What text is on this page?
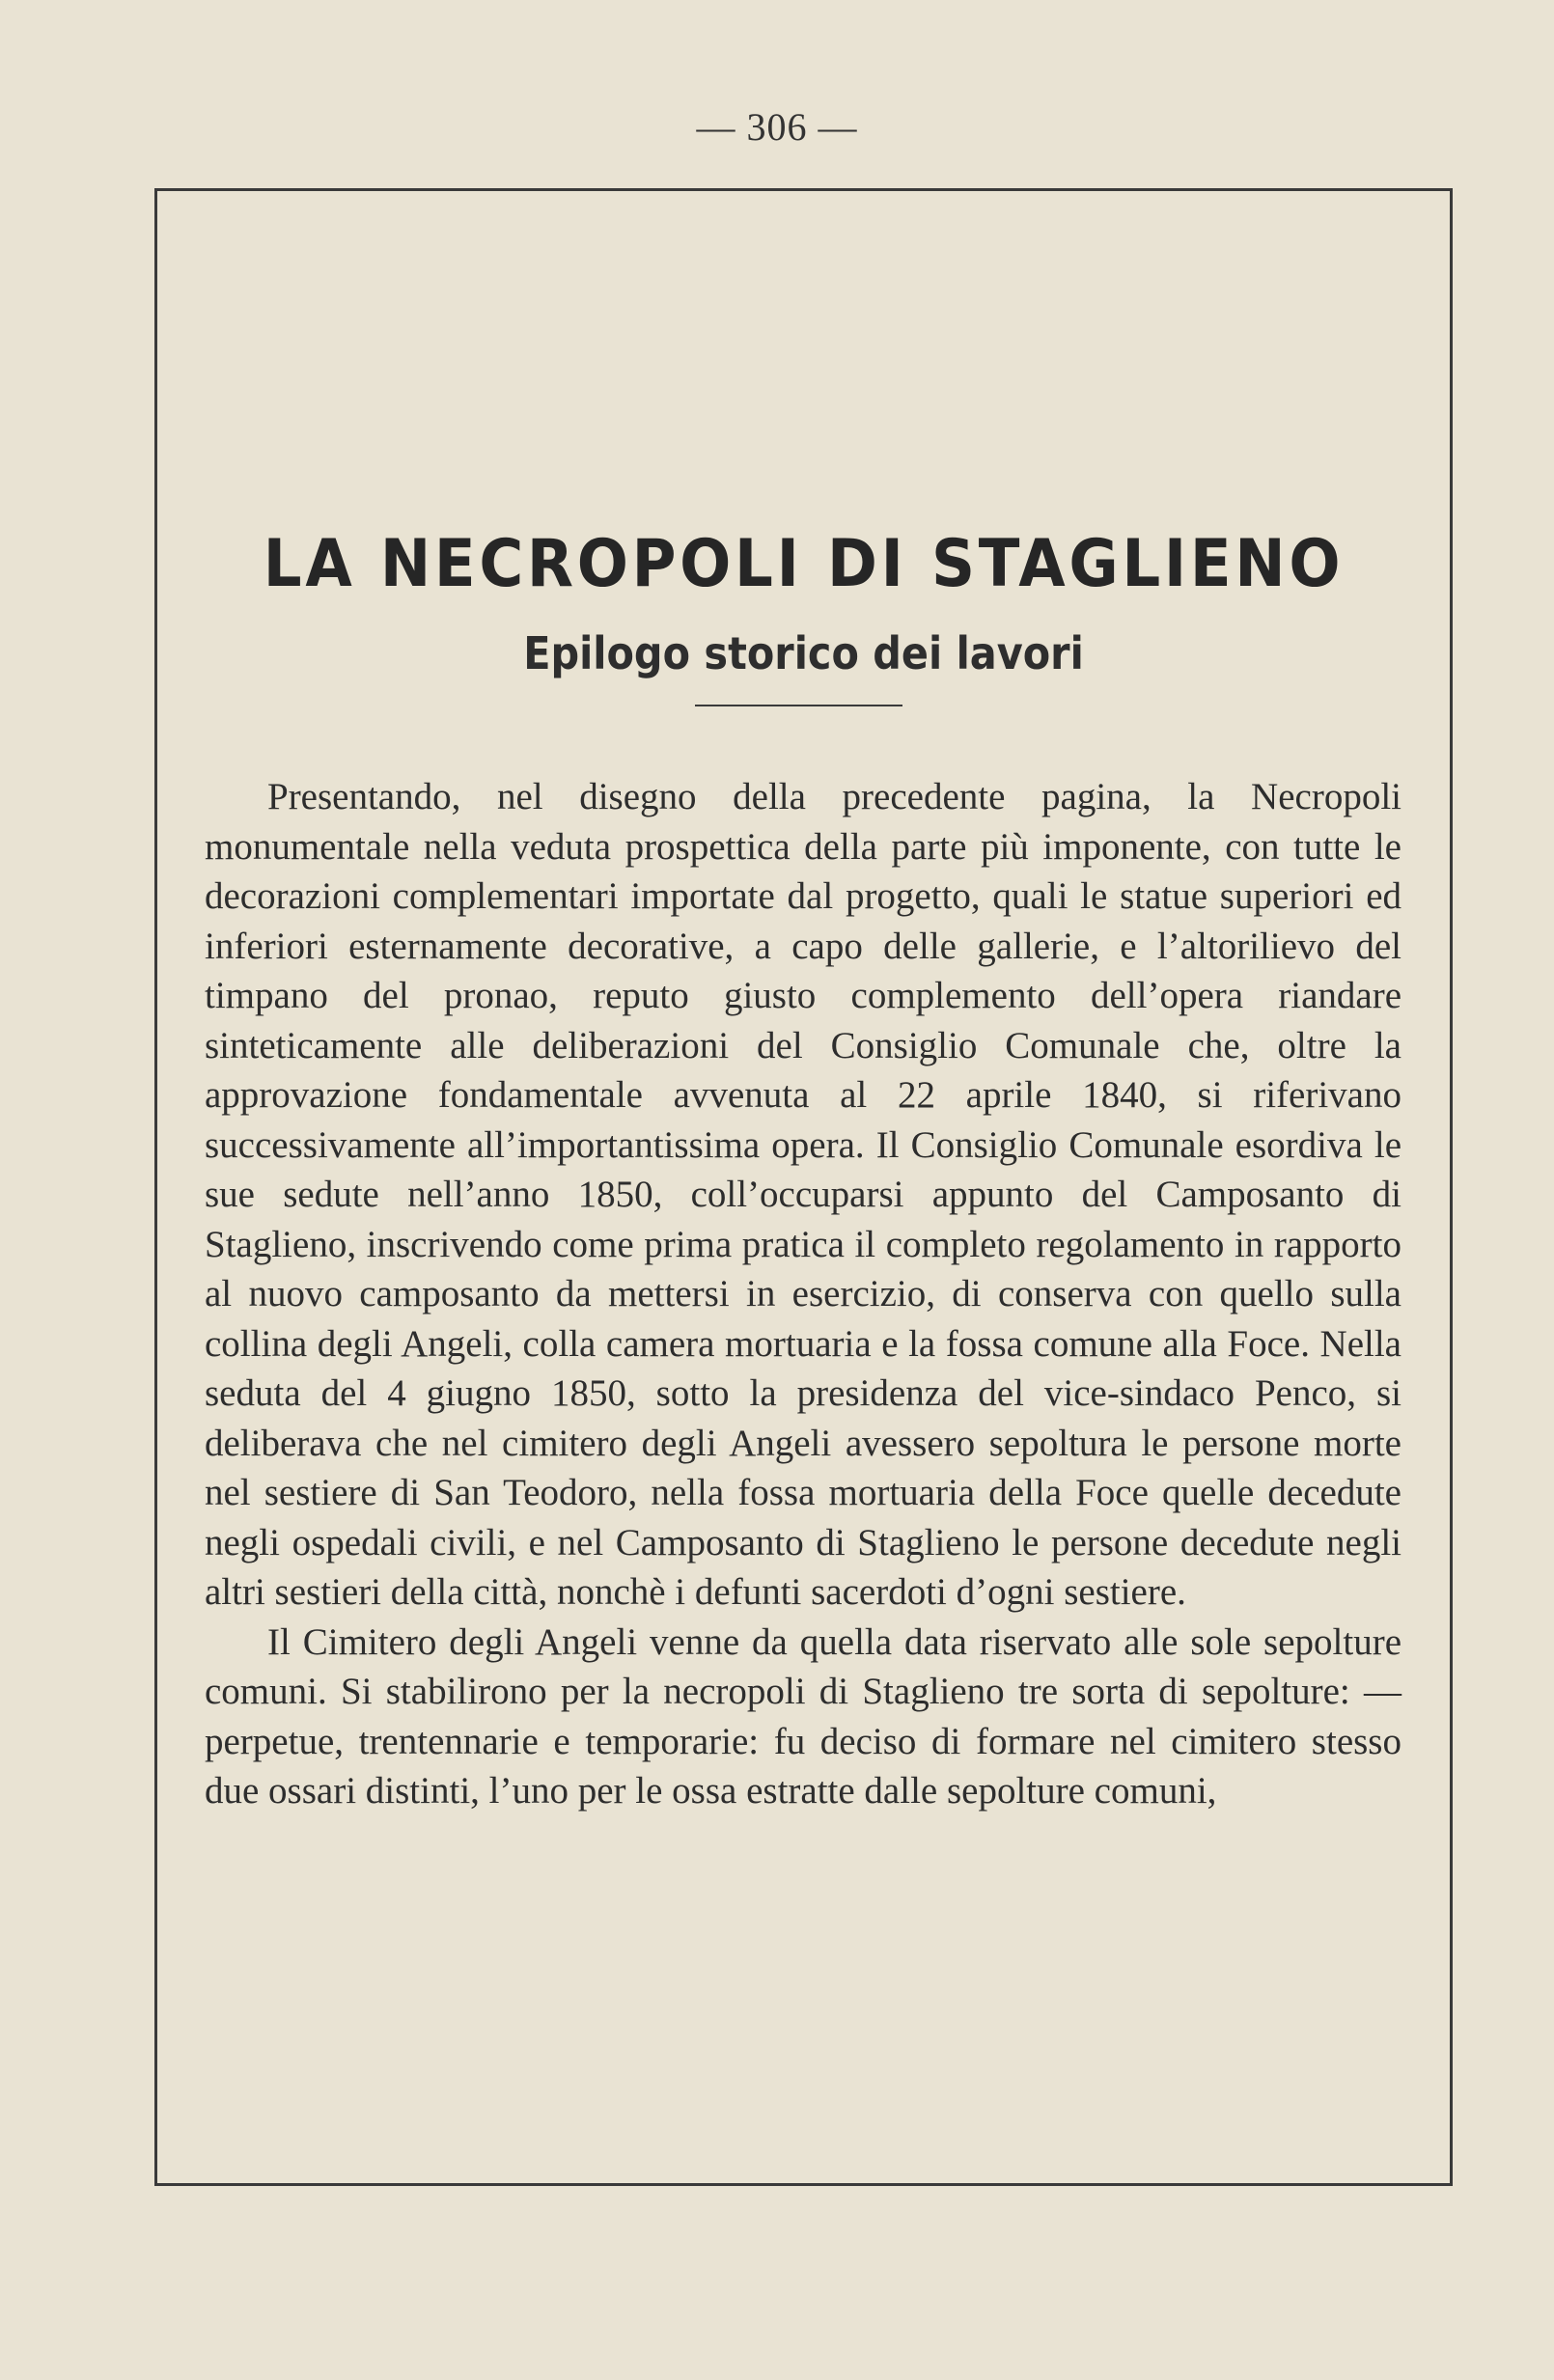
— 306 —
LA NECROPOLI DI STAGLIENO
Epilogo storico dei lavori

Presentando, nel disegno della precedente pagina, la Necropoli monumentale nella veduta prospettica della parte più imponente, con tutte le decorazioni complementari importate dal progetto, quali le statue superiori ed inferiori esternamente decorative, a capo delle gallerie, e l’altorilievo del timpano del pronao, reputo giusto complemento dell’opera riandare sinteticamente alle deliberazioni del Consiglio Comunale che, oltre la approvazione fondamentale avvenuta al 22 aprile 1840, si riferivano successivamente all’importantissima opera. Il Consiglio Comunale esordiva le sue sedute nell’anno 1850, coll’occuparsi appunto del Camposanto di Staglieno, inscrivendo come prima pratica il completo regolamento in rapporto al nuovo camposanto da mettersi in esercizio, di conserva con quello sulla collina degli Angeli, colla camera mortuaria e la fossa comune alla Foce. Nella seduta del 4 giugno 1850, sotto la presidenza del vice-sindaco Penco, si deliberava che nel cimitero degli Angeli avessero sepoltura le persone morte nel sestiere di San Teodoro, nella fossa mortuaria della Foce quelle decedute negli ospedali civili, e nel Camposanto di Staglieno le persone decedute negli altri sestieri della città, nonchè i defunti sacerdoti d’ogni sestiere.

Il Cimitero degli Angeli venne da quella data riservato alle sole sepolture comuni. Si stabilirono per la necropoli di Staglieno tre sorta di sepolture: — perpetue, trentennarie e temporarie: fu deciso di formare nel cimitero stesso due ossari distinti, l’uno per le ossa estratte dalle sepolture comuni,
